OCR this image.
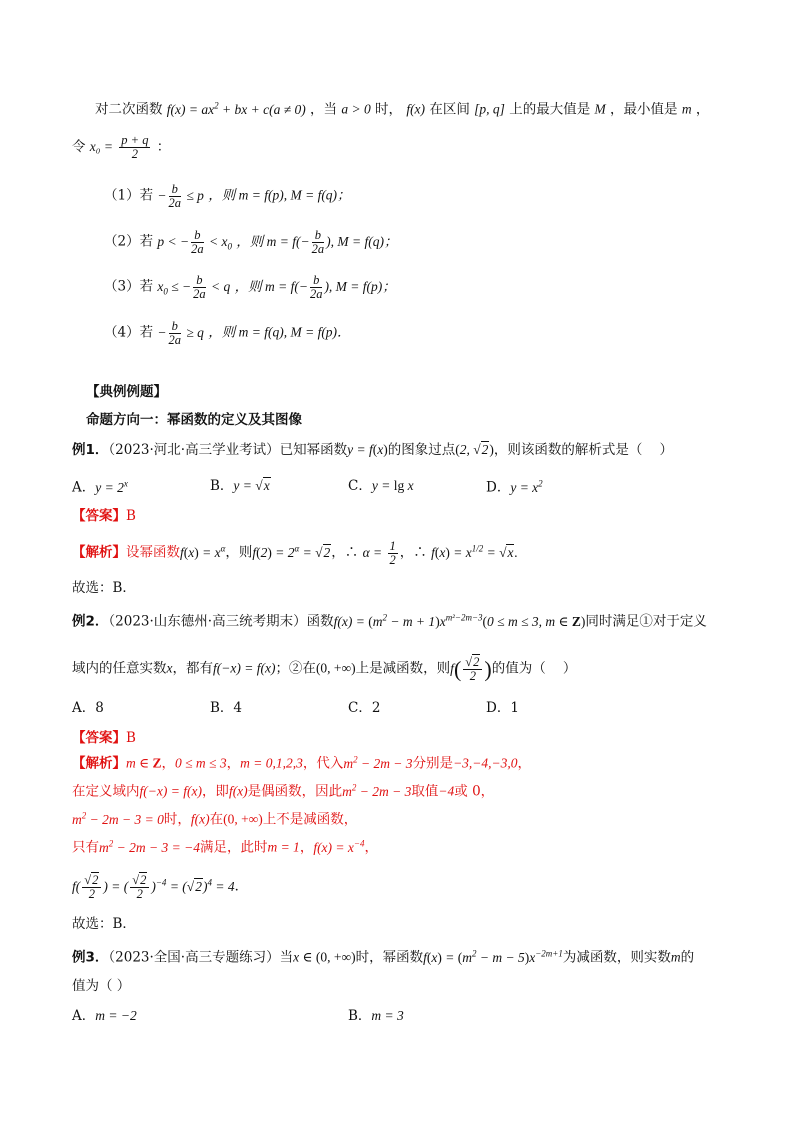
对二次函数 $f(x) = ax^2$ + bx + c(a ≠ 0) ，当 a > 0 时， f(x) 在区间 [p, q] 上的最大值是 M ，最小值是 m ，
令 $x_0 = \frac{p + q}{2}$ ：
（1）若 − $\frac{b}{2a} \le p$ ，则 m = f(p), M = f(q)；
（2）若 p < − $\frac{b}{2a} < x_0$ ，则 $m = f(- \frac{b}{2a}$ ), M = f(q)；
（3）若 $x_0$ ≤ − $\frac{b}{2a} < q$ ，则 $m = f(- \frac{b}{2a}$ ), M = f(p)；
（4）若 − $\frac{b}{2a} \ge q$ ，则 m = f(q), M = f(p)．
【典例例题】
命题方向一：幂函数的定义及其图像
例1．（2023·河北·高三学业考试）已知幂函数y = f(x)的图象过点(2, √2)，则该函数的解析式是（    ）
A．$y = 2^x$	B．y = √x	C．y = lg x	D．$y = x^2$
【答案】B
【解析】设幂函数$f(x) = x^\alpha$，则$f(2) = 2^\alpha = √2$，∴ $\alpha = \frac{1}{2}$ ，∴ $f(x) = x^{1/2} = √x$.
故选：B．
例2．（2023·山东德州·高三统考期末）函数$f(x) = (m^2 - m + 1)x^{m^2-2m-3}(0 \le m \le 3$, m ∈ Z)同时满足①对于定义
域内的任意实数x，都有f(−x) = f(x)；②在(0, +∞)上是减函数，则$f( \frac{√2}{2}$ )的值为（    ）
A．8	B．4	C．2	D．1
【答案】B
【解析】m ∈ Z，0 ≤ m ≤ 3，m = 0,1,2,3，代入$m^2 - 2m - 3$分别是−3,−4,−3,0，
在定义域内f(−x) = f(x)，即f(x)是偶函数，因此$m^2 - 2m - 3$取值−4或 0，
$m^2 - 2m - 3 = 0$时，f(x)在(0, +∞)上不是减函数，
只有$m^2 - 2m - 3 = -4$满足，此时m = 1，$f(x) = x^{-4}$，
$f( \frac{√2}{2}$ ) = ( $\frac{√2}{2} )^{-4} = (√2)^4 = 4$．
故选：B．
例3．（2023·全国·高三专题练习）当x ∈ (0, +∞)时，幂函数$f(x) = (m^2 - m - 5)x^{-2m+1}$为减函数，则实数m的
值为（ ）
A．m = −2	B．m = 3
